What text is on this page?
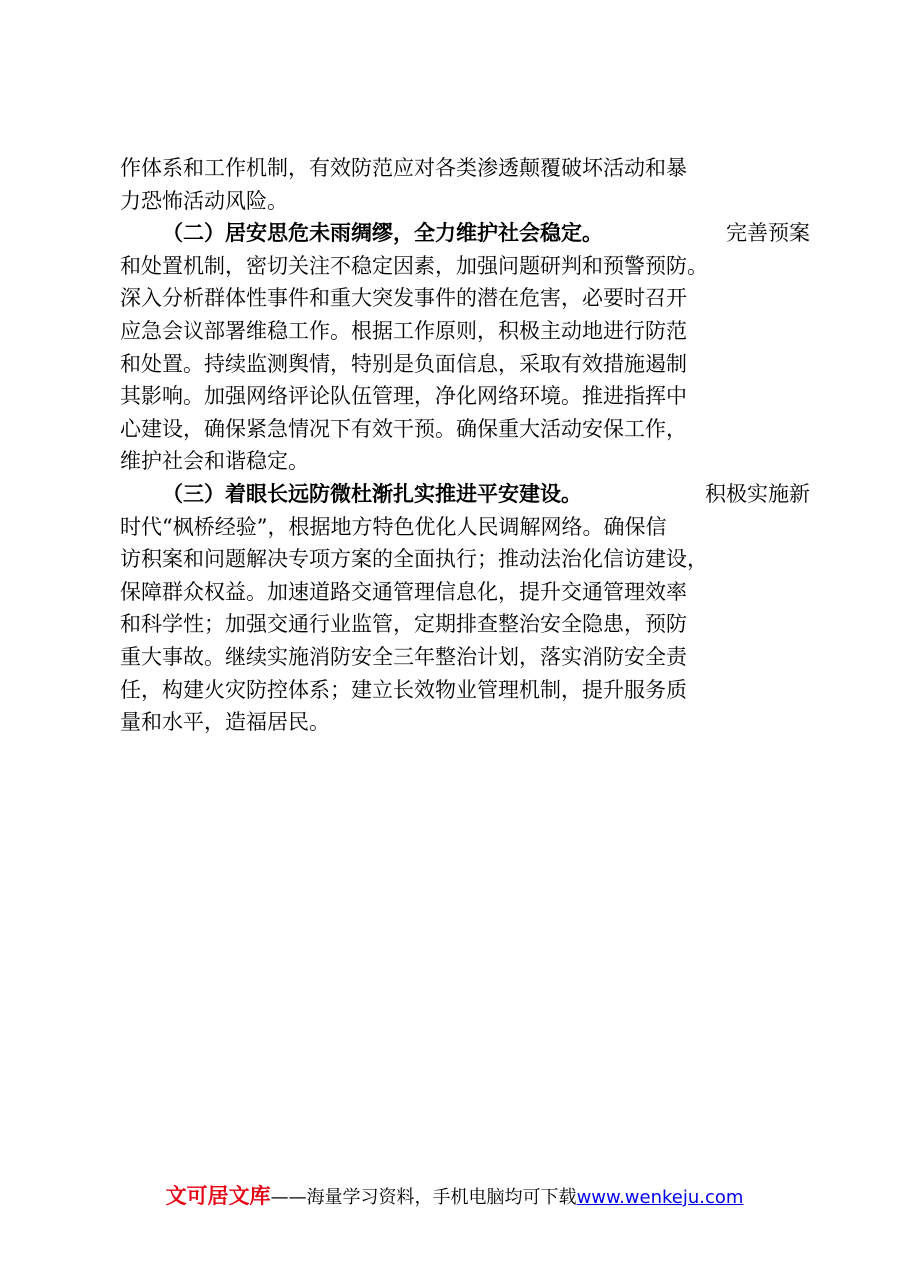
作体系和工作机制，有效防范应对各类渗透颠覆破坏活动和暴
力恐怖活动风险。
（二）居安思危未雨绸缪，全力维护社会稳定。	完善预案
和处置机制，密切关注不稳定因素，加强问题研判和预警预防。
深入分析群体性事件和重大突发事件的潜在危害，必要时召开
应急会议部署维稳工作。根据工作原则，积极主动地进行防范
和处置。持续监测舆情，特别是负面信息，采取有效措施遏制
其影响。加强网络评论队伍管理，净化网络环境。推进指挥中
心建设，确保紧急情况下有效干预。确保重大活动安保工作，
维护社会和谐稳定。
（三）着眼长远防微杜渐扎实推进平安建设。	积极实施新
时代“枫桥经验”，根据地方特色优化人民调解网络。确保信
访积案和问题解决专项方案的全面执行；推动法治化信访建设，
保障群众权益。加速道路交通管理信息化，提升交通管理效率
和科学性；加强交通行业监管，定期排查整治安全隐患，预防
重大事故。继续实施消防安全三年整治计划，落实消防安全责
任，构建火灾防控体系；建立长效物业管理机制，提升服务质
量和水平，造福居民。
文可居文库——海量学习资料，手机电脑均可下载www.wenkeju.com
